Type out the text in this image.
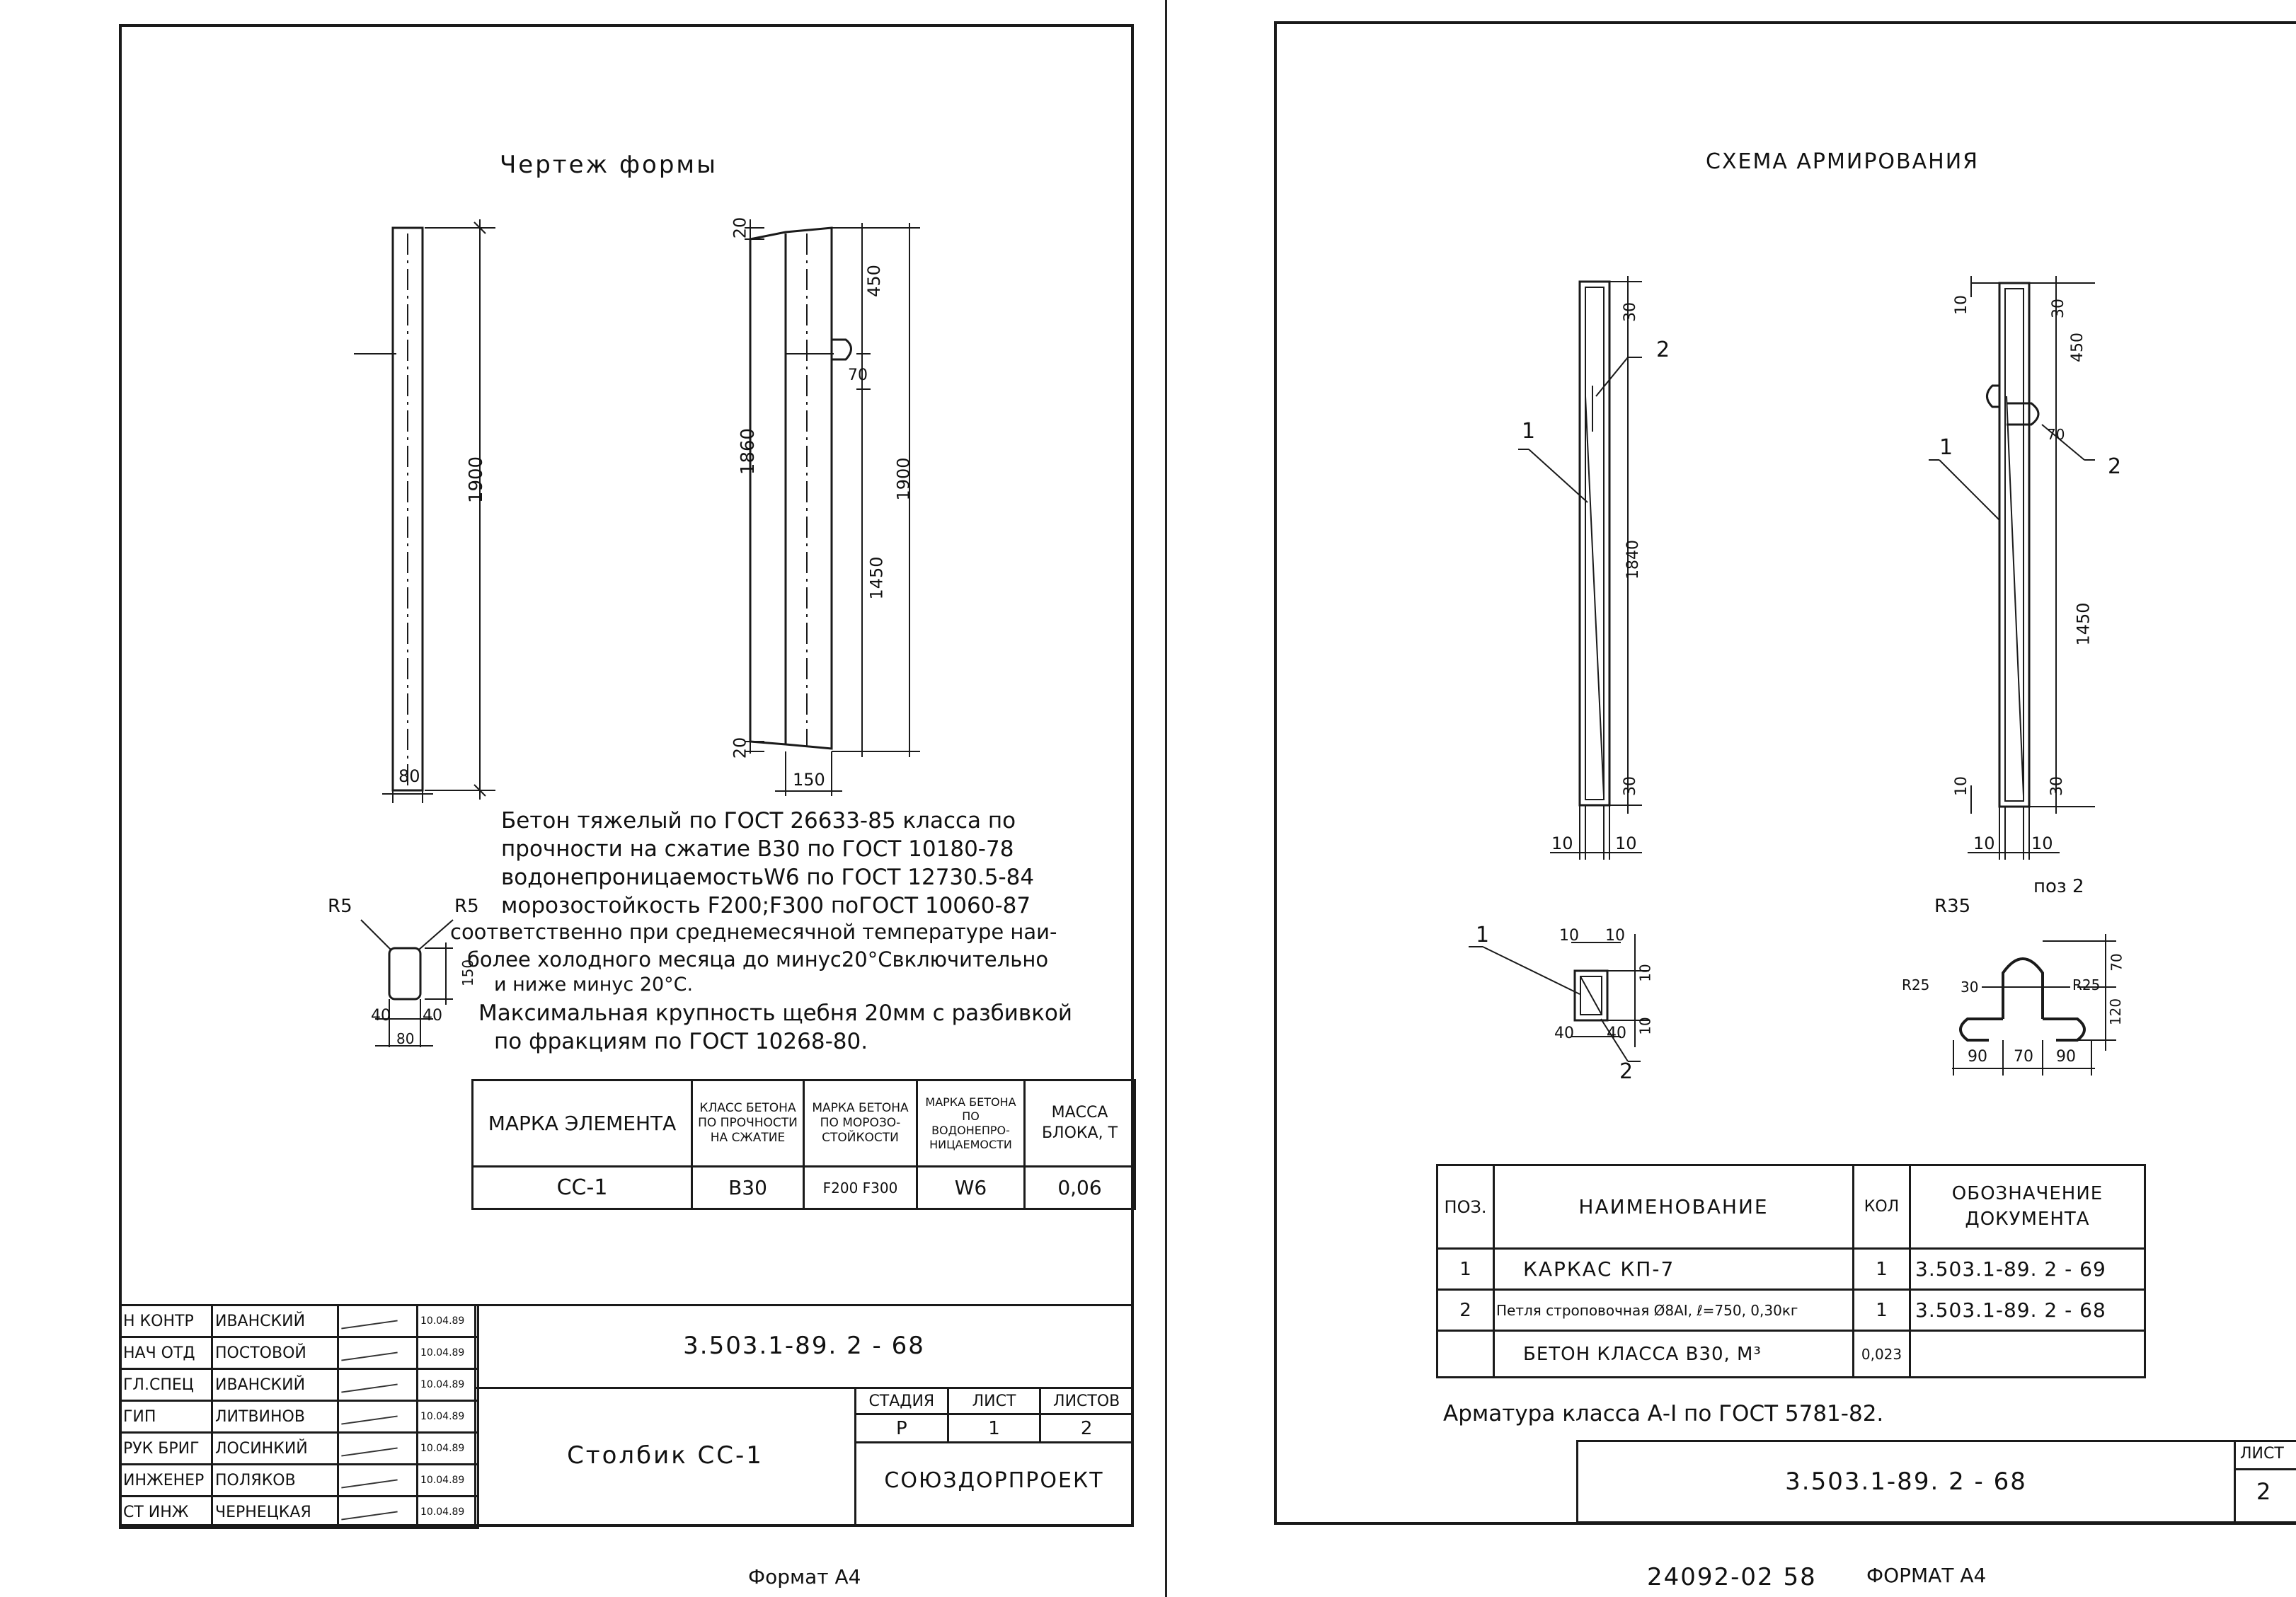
Чертеж формы
1900
80
20
20
1860
450
70
1450
1900
150
R5	R5
150
40 40
80
Бетон тяжелый по ГОСТ 26633-85 класса по
прочности на сжатие В30 по ГОСТ 10180-78
водонепроницаемостьW6 по ГОСТ 12730.5-84
морозостойкость F200;F300 поГОСТ 10060-87
соответственно при среднемесячной температуре наи-
более холодного месяца до минус20°Свключительно
и ниже минус 20°С.
Максимальная крупность щебня 20мм с разбивкой
по фракциям по ГОСТ 10268-80.
МАРКА ЭЛЕМЕНТА	КЛАСС БЕТОНА ПО ПРОЧНОСТИ НА СЖАТИЕ	МАРКА БЕТОНА ПО МОРОЗО-СТОЙКОСТИ	МАРКА БЕТОНА ПО ВОДОНЕПРО-НИЦАЕМОСТИ	МАССА БЛОКА, Т
СС-1	В30	F200 F300	W6	0,06
Н КОНТР	ИВАНСКИЙ		10.04.89
НАЧ ОТД	ПОСТОВОЙ		10.04.89
ГЛ.СПЕЦ	ИВАНСКИЙ		10.04.89
ГИП	ЛИТВИНОВ		10.04.89
РУК БРИГ	ЛОСИНКИЙ		10.04.89
ИНЖЕНЕР	ПОЛЯКОВ		10.04.89
СТ ИНЖ	ЧЕРНЕЦКАЯ		10.04.89
3.503.1-89. 2 - 68
Столбик СС-1
СТАДИЯ	ЛИСТ	ЛИСТОВ
Р	1	2
СОЮЗДОРПРОЕКТ
Формат А4
СХЕМА АРМИРОВАНИЯ
30
1840
30
10 10
10	30
450
70
1450
10	30
10 10
10 10
10
10
40 40
поз 2
R35
R25	R25
30
70
120
90 70 90
1
2
1
2
1
2
ПОЗ.	НАИМЕНОВАНИЕ	КОЛ	ОБОЗНАЧЕНИЕ ДОКУМЕНТА
1	КАРКАС КП-7	1	3.503.1-89. 2 - 69
2	Петля строповочная Ø8АI, ℓ=750, 0,30кг	1	3.503.1-89. 2 - 68
	БЕТОН КЛАССА В30, М³	0,023	
Арматура класса А-I по ГОСТ 5781-82.
3.503.1-89. 2 - 68
ЛИСТ
2
24092-02 58	ФОРМАТ А4
